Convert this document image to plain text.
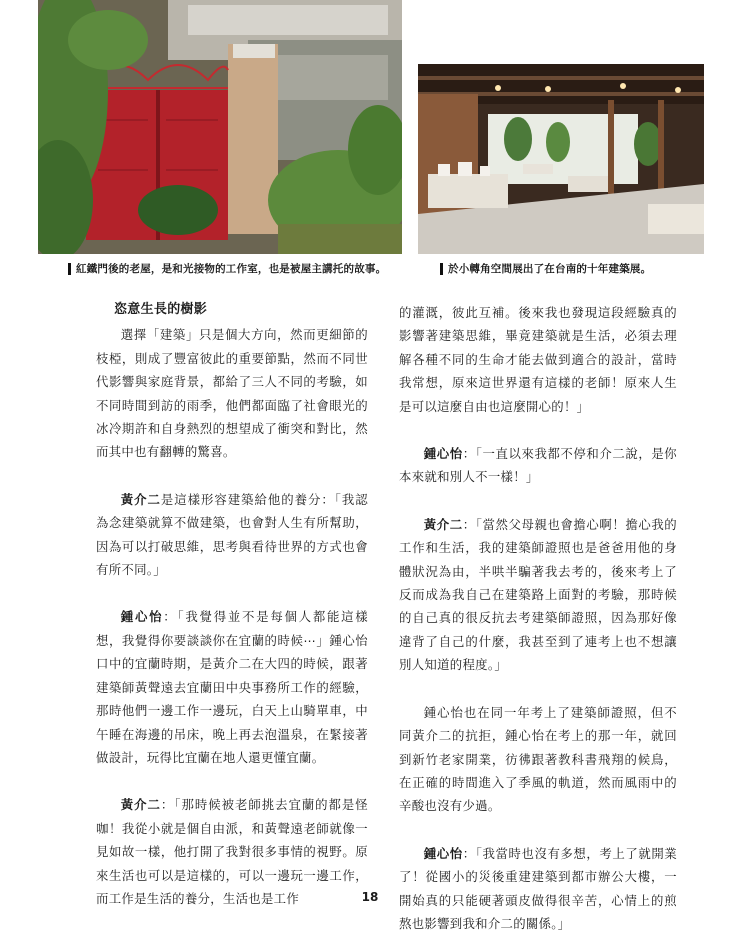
紅鐵門後的老屋，是和光接物的工作室，也是被屋主講托的故事。	於小轉角空間展出了在台南的十年建築展。

恣意生長的樹影

選擇「建築」只是個大方向，然而更細節的枝椏，則成了豐富彼此的重要節點，然而不同世代影響與家庭背景，都給了三人不同的考驗，如不同時間到訪的雨季，他們都面臨了社會眼光的冰冷期許和自身熱烈的想望成了衝突和對比，然而其中也有翻轉的驚喜。

黃介二是這樣形容建築給他的養分：「我認為念建築就算不做建築，也會對人生有所幫助，因為可以打破思維，思考與看待世界的方式也會有所不同。」

鍾心怡：「我覺得並不是每個人都能這樣想，我覺得你要談談你在宜蘭的時候⋯」鍾心怡口中的宜蘭時期，是黃介二在大四的時候，跟著建築師黃聲遠去宜蘭田中央事務所工作的經驗，那時他們一邊工作一邊玩，白天上山騎單車，中午睡在海邊的吊床，晚上再去泡溫泉，在緊接著做設計，玩得比宜蘭在地人還更懂宜蘭。

黃介二：「那時候被老師挑去宜蘭的都是怪咖！我從小就是個自由派，和黃聲遠老師就像一見如故一樣，他打開了我對很多事情的視野。原來生活也可以是這樣的，可以一邊玩一邊工作，而工作是生活的養分，生活也是工作

的灌溉，彼此互補。後來我也發現這段經驗真的影響著建築思維，畢竟建築就是生活，必須去理解各種不同的生命才能去做到適合的設計，當時我常想，原來這世界還有這樣的老師！原來人生是可以這麼自由也這麼開心的！」

鍾心怡：「一直以來我都不停和介二說，是你本來就和別人不一樣！」

黃介二：「當然父母親也會擔心啊！擔心我的工作和生活，我的建築師證照也是爸爸用他的身體狀況為由，半哄半騙著我去考的，後來考上了反而成為我自己在建築路上面對的考驗，那時候的自己真的很反抗去考建築師證照，因為那好像違背了自己的什麼，我甚至到了連考上也不想讓別人知道的程度。」

鍾心怡也在同一年考上了建築師證照，但不同黃介二的抗拒，鍾心怡在考上的那一年，就回到新竹老家開業，彷彿跟著教科書飛翔的候鳥，在正確的時間進入了季風的軌道，然而風雨中的辛酸也沒有少過。

鍾心怡：「我當時也沒有多想，考上了就開業了！從國小的災後重建建築到都市辦公大樓，一開始真的只能硬著頭皮做得很辛苦，心情上的煎熬也影響到我和介二的關係。」

18
